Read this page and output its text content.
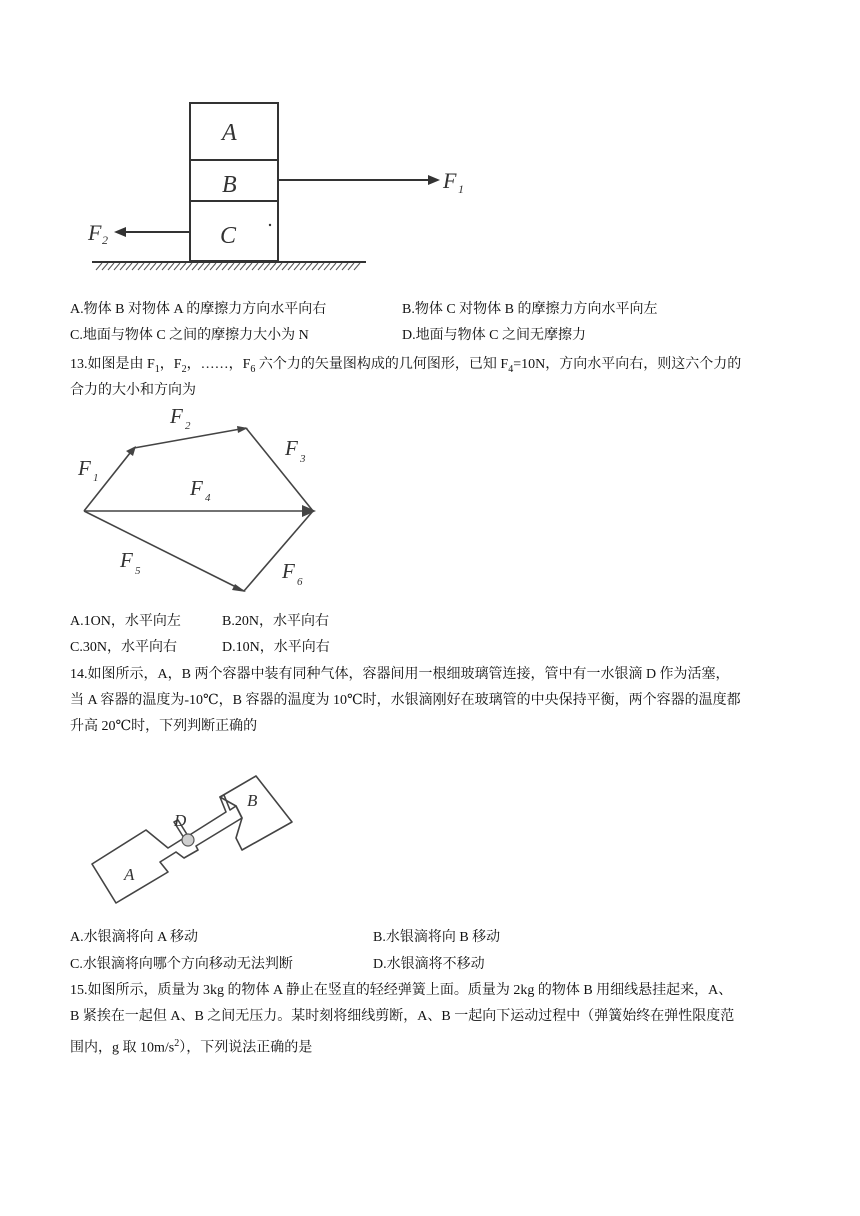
A
B
C
F 1
F 2
A.物体 B 对物体 A 的摩擦力方向水平向右	B.物体 C 对物体 B 的摩擦力方向水平向左
C.地面与物体 C 之间的摩擦力大小为 N	D.地面与物体 C 之间无摩擦力
13.如图是由 $F_1$，$F_2$，……，$F_6$ 六个力的矢量图构成的几何图形，已知 $F_4=10N$，方向水平向右，则这六个力的
合力的大小和方向为
F 1
F 2
F 3
F 4
F 5	F 6
A.1ON，水平向左	B.20N，水平向右
C.30N，水平向右	D.10N，水平向右
14.如图所示，A，B 两个容器中装有同种气体，容器间用一根细玻璃管连接，管中有一水银滴 D 作为活塞，
当 A 容器的温度为-10℃，B 容器的温度为 10℃时，水银滴刚好在玻璃管的中央保持平衡，两个容器的温度都
升高 20℃时，下列判断正确的
A
B
D
A.水银滴将向 A 移动	B.水银滴将向 B 移动
C.水银滴将向哪个方向移动无法判断	D.水银滴将不移动
15.如图所示，质量为 3kg 的物体 A 静止在竖直的轻经弹簧上面。质量为 2kg 的物体 B 用细线悬挂起来，A、
B 紧挨在一起但 A、B 之间无压力。某时刻将细线剪断，A、B 一起向下运动过程中（弹簧始终在弹性限度范
围内，g 取 $10m/s^2$），下列说法正确的是
